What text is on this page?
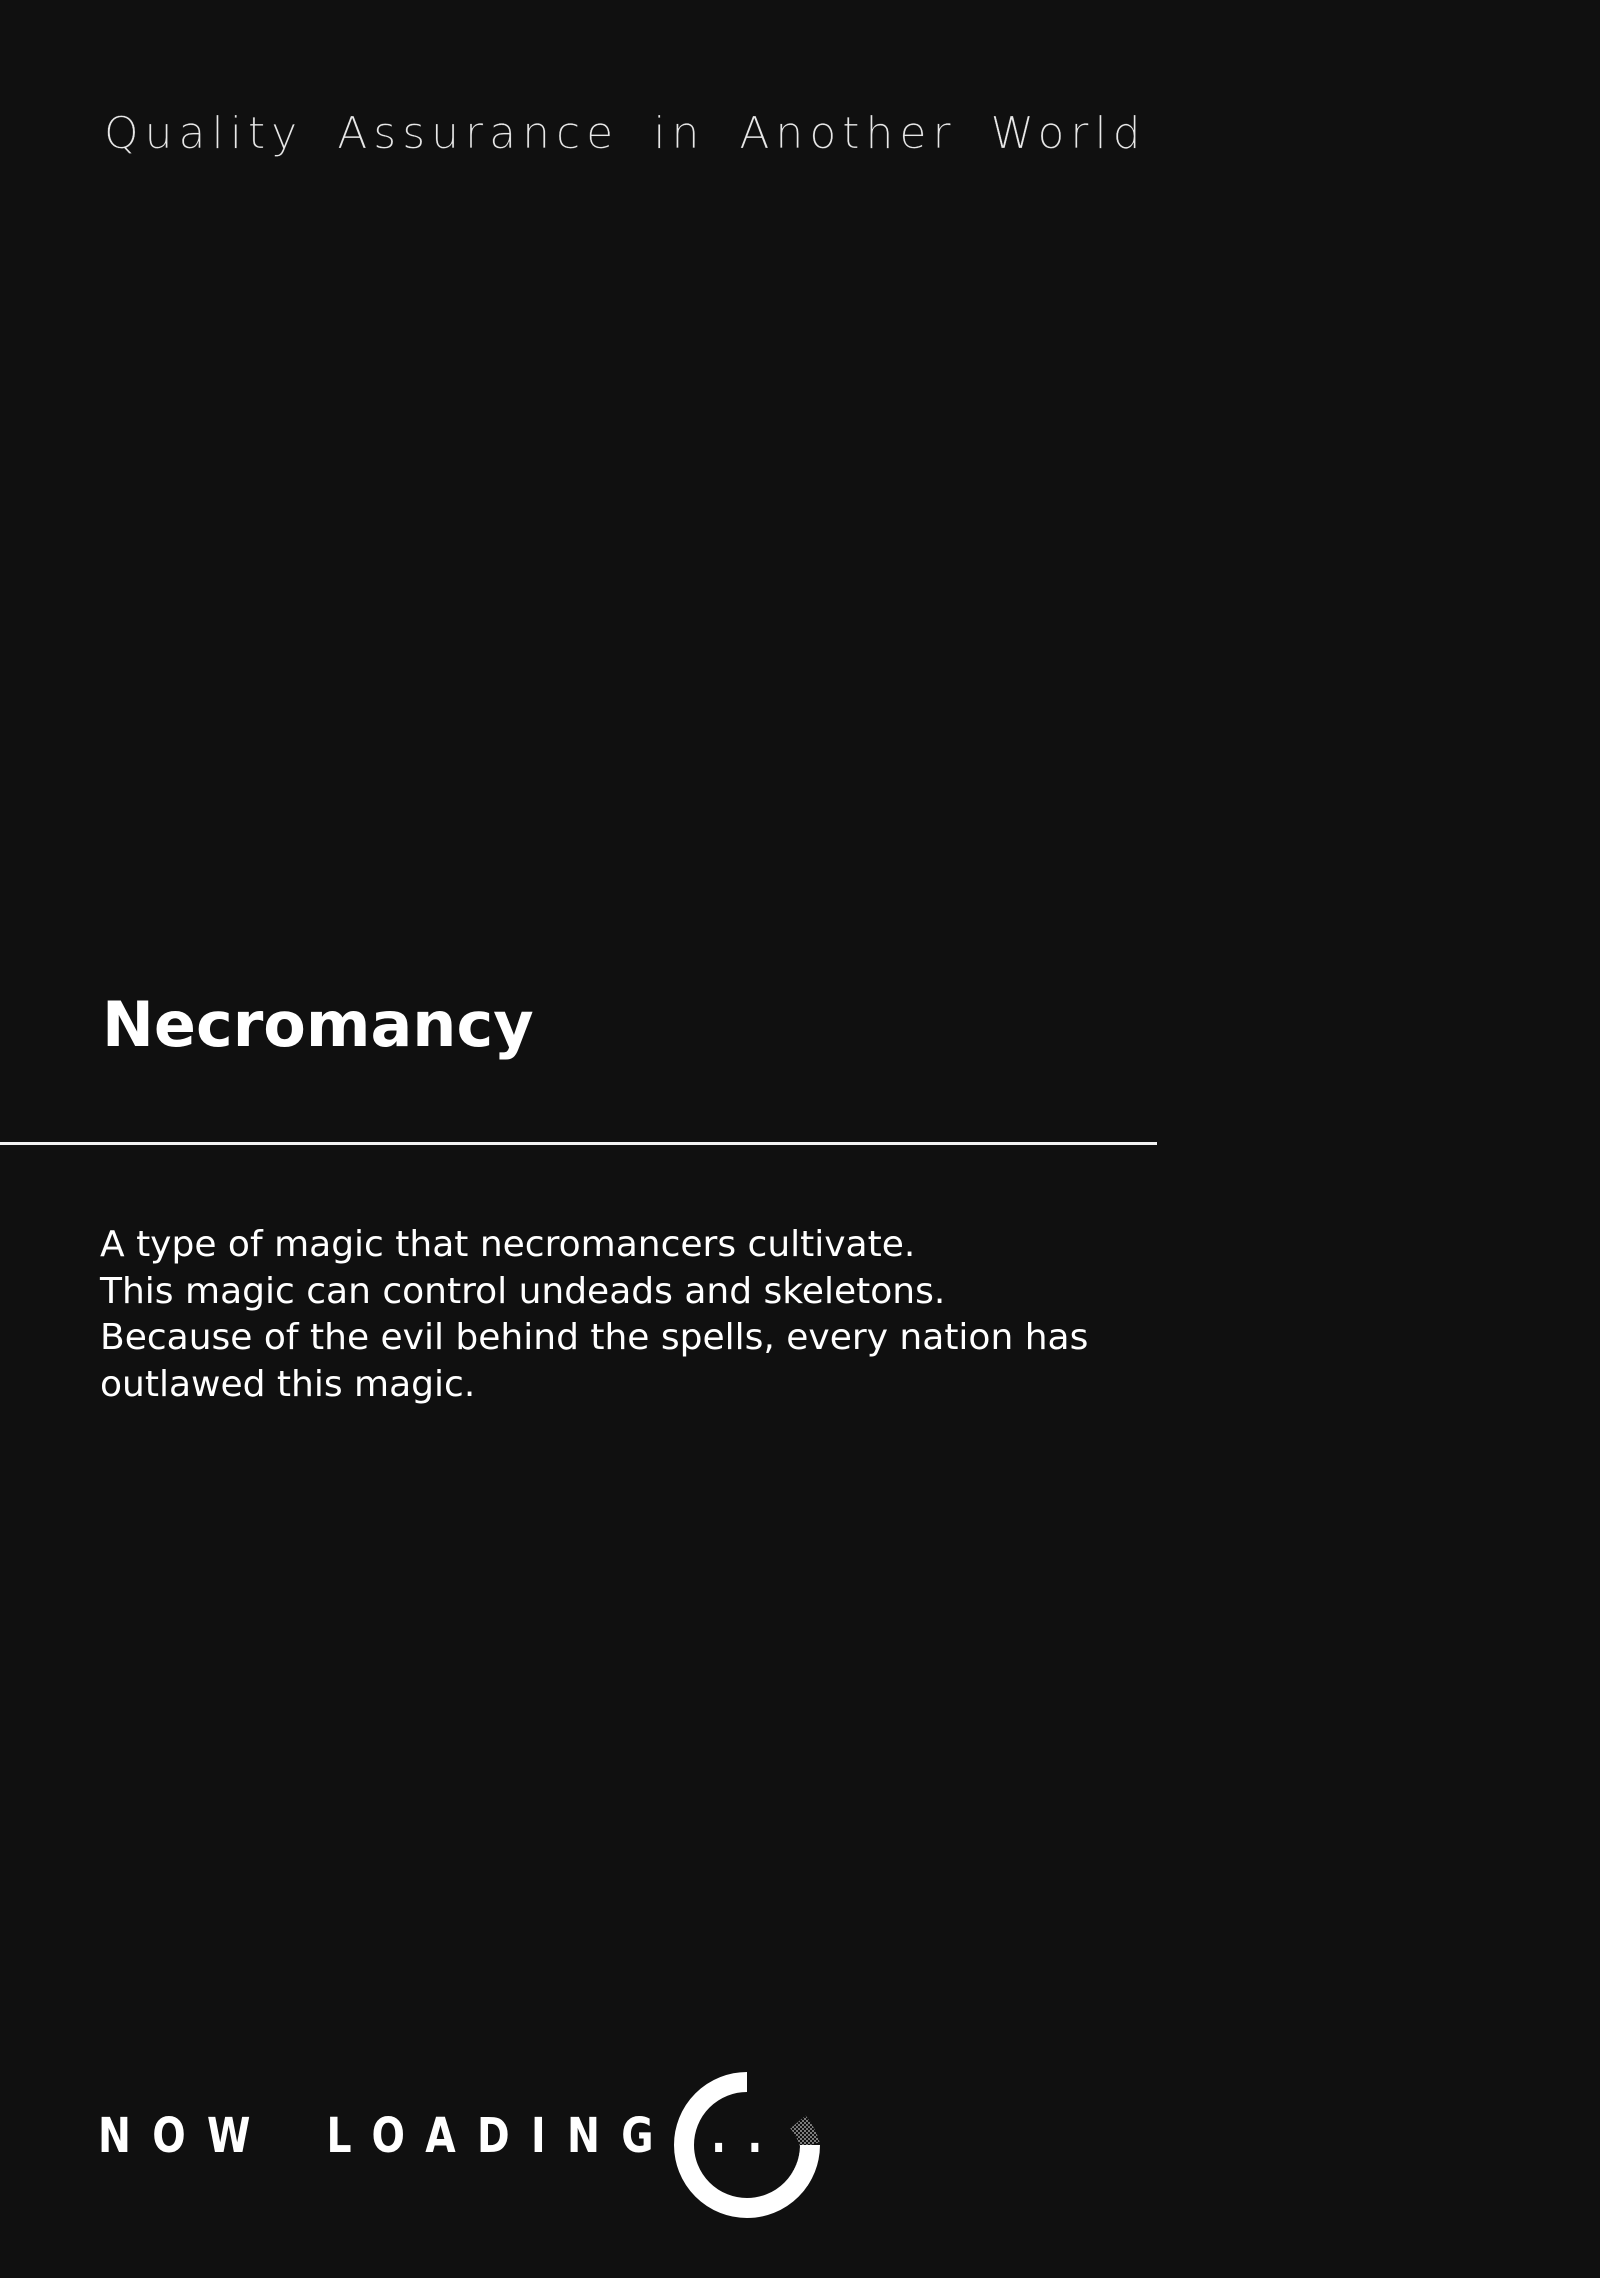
Quality Assurance in Another World
Necromancy
A type of magic that necromancers cultivate.
This magic can control undeads and skeletons.
Because of the evil behind the spells, every nation has
outlawed this magic.
NOW LOADING...
